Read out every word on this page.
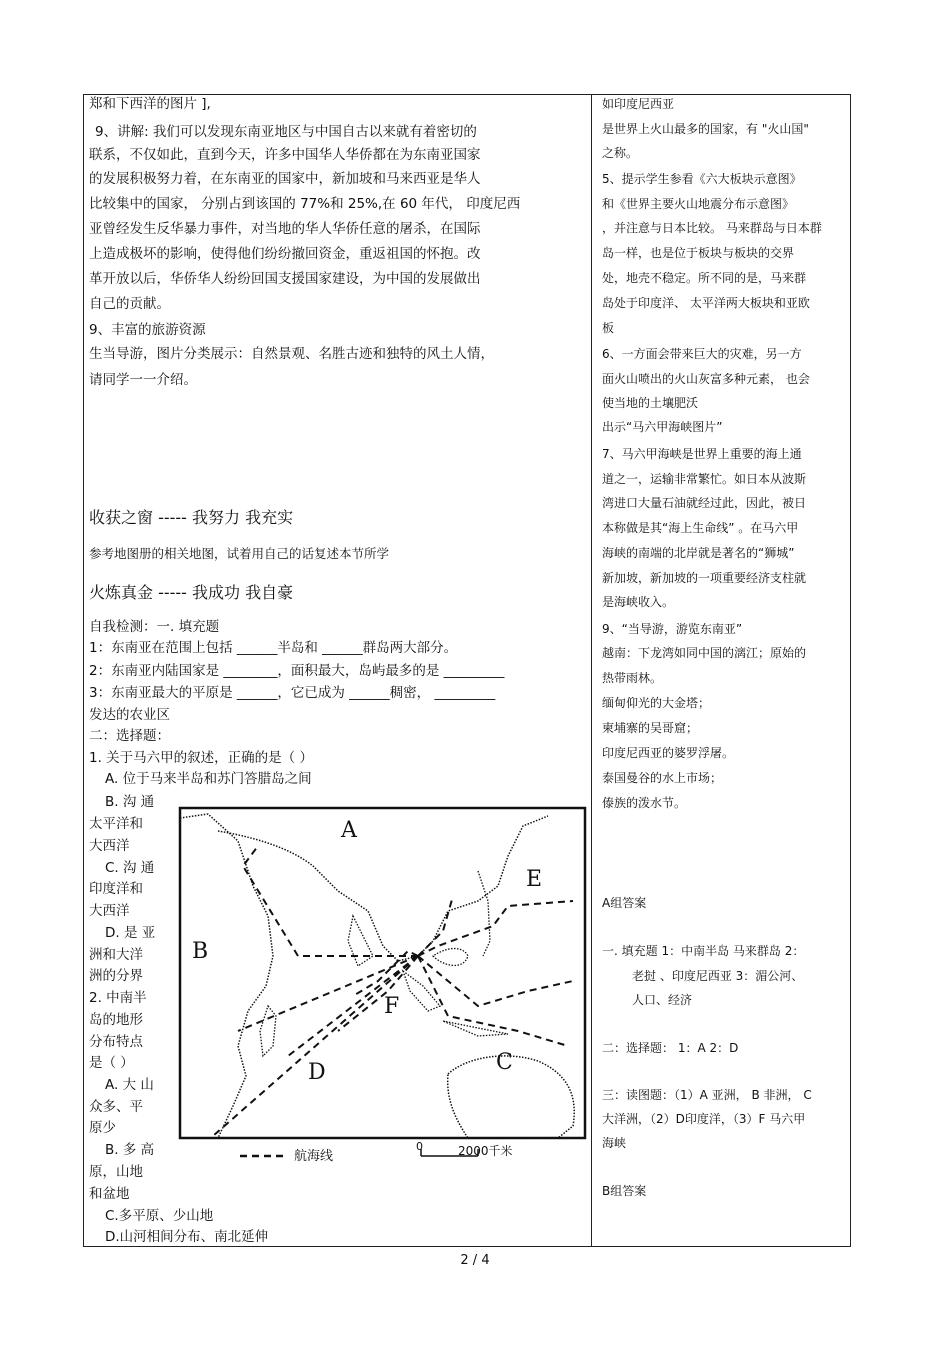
郑和下西洋的图片 ],
9、讲解: 我们可以发现东南亚地区与中国自古以来就有着密切的
联系，不仅如此，直到今天，许多中国华人华侨都在为东南亚国家
的发展积极努力着，在东南亚的国家中，新加坡和马来西亚是华人
比较集中的国家， 分别占到该国的 77%和 25%,在 60 年代， 印度尼西
亚曾经发生反华暴力事件，对当地的华人华侨任意的屠杀，在国际
上造成极坏的影响，使得他们纷纷撤回资金，重返祖国的怀抱。改
革开放以后，华侨华人纷纷回国支援国家建设，为中国的发展做出
自己的贡献。
9、丰富的旅游资源
生当导游，图片分类展示：自然景观、名胜古迹和独特的风土人情，
请同学一一介绍。
收获之窗 ----- 我努力 我充实
参考地图册的相关地图，试着用自己的话复述本节所学
火炼真金 ----- 我成功 我自豪
自我检测：一. 填充题
1：东南亚在范围上包括 ______半岛和 ______群岛两大部分。
2：东南亚内陆国家是 ________，面积最大，岛屿最多的是 _________
3：东南亚最大的平原是 ______，它已成为 ______稠密， _________
发达的农业区
二：选择题：
1. 关于马六甲的叙述，正确的是（ ）
A. 位于马来半岛和苏门答腊岛之间
B. 沟 通
太平洋和
大西洋
C. 沟 通
印度洋和
大西洋
D. 是 亚
洲和大洋
洲的分界
2. 中南半
岛的地形
分布特点
是（ ）
A. 大 山
众多、平
原少
B. 多 高
原，山地
和盆地
C.多平原、少山地
D.山河相间分布、南北延伸
A
B
C
D
E
F
航海线
0	2000千米
如印度尼西亚
是世界上火山最多的国家，有 "火山国"
之称。
5、提示学生参看《六大板块示意图》
和《世界主要火山地震分布示意图》
，并注意与日本比较。 马来群岛与日本群
岛一样，也是位于板块与板块的交界
处，地壳不稳定。所不同的是，马来群
岛处于印度洋、 太平洋两大板块和亚欧
板
6、一方面会带来巨大的灾难，另一方
面火山喷出的火山灰富多种元素， 也会
使当地的土壤肥沃
出示“马六甲海峡图片”
7、马六甲海峡是世界上重要的海上通
道之一，运输非常繁忙。如日本从波斯
湾进口大量石油就经过此，因此，被日
本称做是其“海上生命线” 。在马六甲
海峡的南端的北岸就是著名的“狮城”
新加坡，新加坡的一项重要经济支柱就
是海峡收入。
9、“当导游，游览东南亚”
越南：下龙湾如同中国的漓江；原始的
热带雨林。
缅甸仰光的大金塔；
柬埔寨的吴哥窟；
印度尼西亚的婆罗浮屠。
泰国曼谷的水上市场；
傣族的泼水节。
A组答案
一. 填充题 1：中南半岛 马来群岛 2：
老挝 、印度尼西亚 3：湄公河、
人口、经济
二：选择题： 1：A 2：D
三：读图题：（1）A 亚洲， B 非洲， C
大洋洲，（2）D印度洋，（3）F 马六甲
海峡
B组答案
2 / 4
